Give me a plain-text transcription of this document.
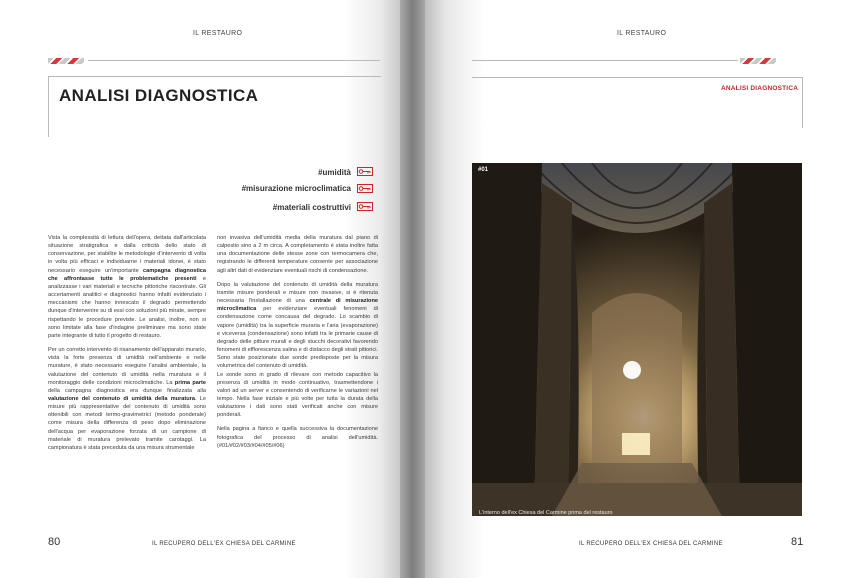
IL RESTAURO
ANALISI DIAGNOSTICA
#umidità
#misurazione microclimatica
#materiali costruttivi

Vista la complessità di lettura dell'opera, dettata dall'articolata situazione stratigrafica e dalla criticità dello stato di conservazione, per stabilire le metodologie d'intervento di volta in volta più efficaci e individuarne i materiali idonei, è stato necessario eseguire un'importante campagna diagnostica che affrontasse tutte le problematiche presenti e analizzasse i vari materiali e tecniche pittoriche riscontrate. Gli accertamenti analitici e diagnostici hanno infatti evidenziato i meccanismi che hanno innescato il degrado permettendo dunque d'intervenire su di essi con soluzioni più mirate, sempre rispettando le procedure previste. Le analisi, inoltre, non si sono limitate alla fase d'indagine preliminare ma sono state parte integrante di tutto il progetto di restauro.

Per un corretto intervento di risanamento dell'apparato murario, vista la forte presenza di umidità nell'ambiente e nelle murature, è stato necessario eseguire l'analisi ambientale, la valutazione del contenuto di umidità nella muratura e il monitoraggio delle condizioni microclimatiche. La prima parte della campagna diagnostica era dunque finalizzata alla valutazione del contenuto di umidità della muratura. Le misure più rappresentative del contenuto di umidità sono ottenibili con metodi termo-gravimetrici (metodo ponderale) come misura della differenza di peso dopo eliminazione dell'acqua per evaporazione forzata di un campione di materiale di muratura prelevato tramite carotaggi. La campionatura è stata preceduta da una misura strumentale

non invasiva dell'umidità media della muratura dal piano di calpestio sino a 2 m circa. A completamento è stata inoltre fatta una documentazione delle stesse zone con termocamera che, registrando le differenti temperature consente per associazione agli altri dati di evidenziare eventuali rischi di condensazione.

Dopo la valutazione del contenuto di umidità della muratura tramite misure ponderali e misure non invasive, si è ritenuta necessaria l'installazione di una centrale di misurazione microclimatica per evidenziare eventuali fenomeni di condensazione come concausa del degrado. Lo scambio di vapore (umidità) tra la superficie muraria e l'aria (evaporazione) e viceversa (condensazione) sono infatti tra le primarie cause di degrado delle pitture murali e degli stucchi decorativi favorendo fenomeni di efflorescenza salina e di distacco degli strati pittorici. Sono state posizionate due sonde predisposte per la misura volumetrica del contenuto di umidità.
Le sonde sono in grado di rilevare con metodo capacitivo la presenza di umidità in modo continuativo, trasmettendone i valori ad un server e consentendo di verificarne le variazioni nel tempo. Nella fase iniziale e più volte per tutta la durata della valutazione i dati sono stati verificati anche con misure ponderali.

Nella pagina a fianco e quella successiva la documentazione fotografica del processo di analisi dell'umidità. (#01/#02/#03/#04/#05/#06)

80	IL RECUPERO DELL'EX CHIESA DEL CARMINE
IL RESTAURO
ANALISI DIAGNOSTICA
#01
L'interno dell'ex Chiesa del Carmine prima del restauro
IL RECUPERO DELL'EX CHIESA DEL CARMINE	81
